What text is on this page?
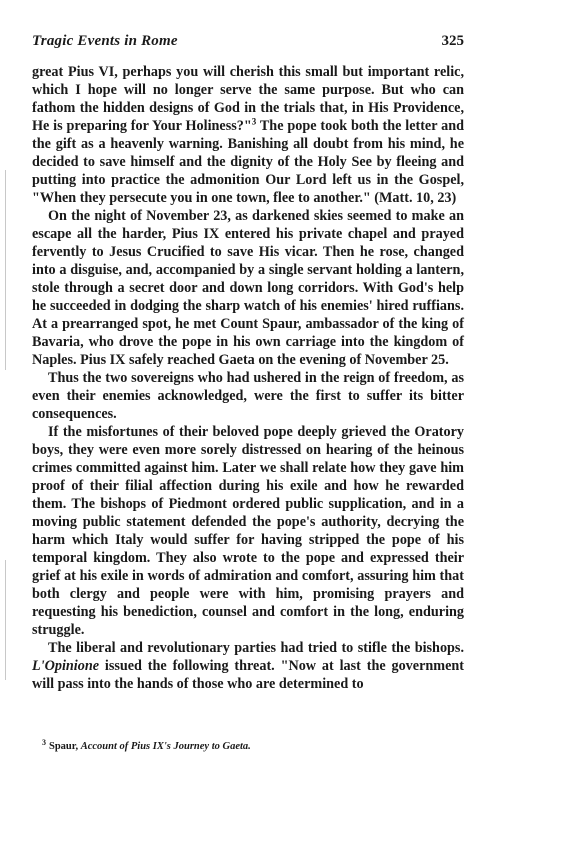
Tragic Events in Rome	325

great Pius VI, perhaps you will cherish this small but important relic, which I hope will no longer serve the same purpose. But who can fathom the hidden designs of God in the trials that, in His Providence, He is preparing for Your Holiness?"$^3$ The pope took both the letter and the gift as a heavenly warning. Banishing all doubt from his mind, he decided to save himself and the dignity of the Holy See by fleeing and putting into practice the admonition Our Lord left us in the Gospel, "When they persecute you in one town, flee to another." (Matt. 10, 23)

On the night of November 23, as darkened skies seemed to make an escape all the harder, Pius IX entered his private chapel and prayed fervently to Jesus Crucified to save His vicar. Then he rose, changed into a disguise, and, accompanied by a single servant holding a lantern, stole through a secret door and down long corridors. With God's help he succeeded in dodging the sharp watch of his enemies' hired ruffians. At a prearranged spot, he met Count Spaur, ambassador of the king of Bavaria, who drove the pope in his own carriage into the kingdom of Naples. Pius IX safely reached Gaeta on the evening of November 25.

Thus the two sovereigns who had ushered in the reign of freedom, as even their enemies acknowledged, were the first to suffer its bitter consequences.

If the misfortunes of their beloved pope deeply grieved the Oratory boys, they were even more sorely distressed on hearing of the heinous crimes committed against him. Later we shall relate how they gave him proof of their filial affection during his exile and how he rewarded them. The bishops of Piedmont ordered public supplication, and in a moving public statement defended the pope's authority, decrying the harm which Italy would suffer for having stripped the pope of his temporal kingdom. They also wrote to the pope and expressed their grief at his exile in words of admiration and comfort, assuring him that both clergy and people were with him, promising prayers and requesting his benediction, counsel and comfort in the long, enduring struggle.

The liberal and revolutionary parties had tried to stifle the bishops. L'Opinione issued the following threat. "Now at last the government will pass into the hands of those who are determined to

$^3$ Spaur, Account of Pius IX's Journey to Gaeta.
